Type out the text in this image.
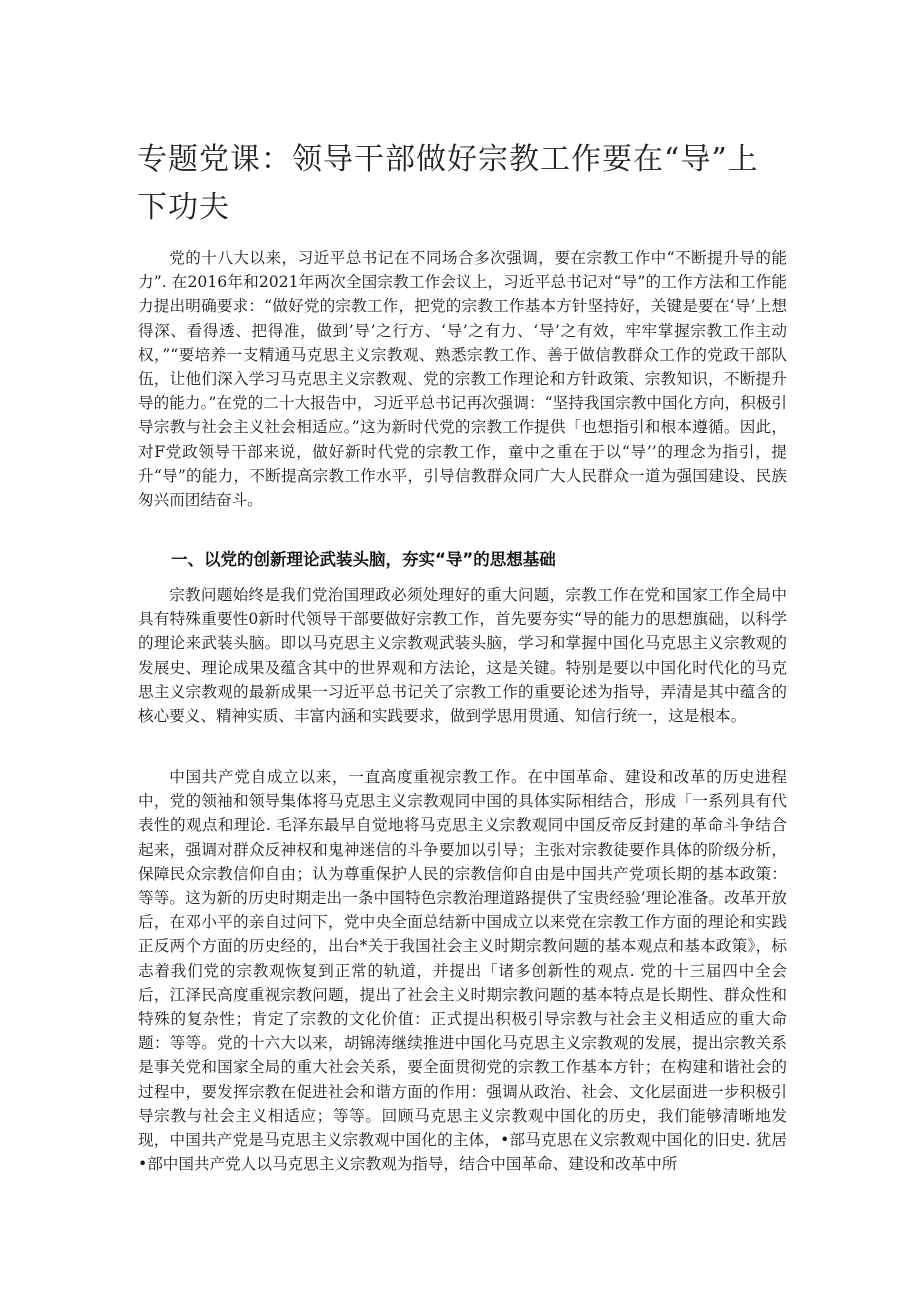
专题党课：领导干部做好宗教工作要在“导”上下功夫

党的十八大以来，习近平总书记在不同场合多次强调，要在宗教工作中“不断提升导的能力”. 在2016年和2021年两次全国宗教工作会议上，习近平总书记对“导”的工作方法和工作能力提出明确要求：“做好党的宗教工作，把党的宗教工作基本方针坚持好，关键是要在‘导’上想得深、看得透、把得准，做到’导’之行方、‘导’之有力、‘导’之有效，牢牢掌握宗教工作主动权，”“要培养一支精通马克思主义宗教观、熟悉宗教工作、善于做信教群众工作的党政干部队伍，让他们深入学习马克思主义宗教观、党的宗教工作理论和方针政策、宗教知识，不断提升导的能力。”在党的二十大报告中，习近平总书记再次强调：“坚持我国宗教中国化方向，积极引导宗教与社会主义社会相适应。”这为新时代党的宗教工作提供「也想指引和根本遵循。因此，对F党政领导干部来说，做好新时代党的宗教工作，童中之重在于以“导’’的理念为指引，提升“导”的能力，不断提高宗教工作水平，引导信教群众同广大人民群众一道为强国建设、民族匆兴而团结奋斗。

一、以党的创新理论武装头脑，夯实“导”的思想基础

宗教问题始终是我们党治国理政必须处理好的重大问题，宗教工作在党和国家工作全局中具有特殊重要性0新时代领导干部要做好宗教工作，首先要夯实“导的能力的思想旗础，以科学的理论来武装头脑。即以马克思主义宗教观武装头脑，学习和掌握中国化马克思主义宗教观的发展史、理论成果及蕴含其中的世界观和方法论，这是关键。特别是要以中国化时代化的马克思主义宗教观的最新成果一习近平总书记关了宗教工作的重要论述为指导，弄清是其中蕴含的核心要义、精神实质、丰富内涵和实践要求，做到学思用贯通、知信行统一，这是根本。

中国共产党自成立以来，一直高度重视宗教工作。在中国革命、建设和改革的历史进程中，党的领袖和领导集体将马克思主义宗教观同中国的具体实际相结合，形成「一系列具有代表性的观点和理论. 毛泽东最早自觉地将马克思主义宗教观同中国反帝反封建的革命斗争结合起来，强调对群众反神权和鬼神迷信的斗争要加以引导；主张对宗教徒要作具体的阶级分析，保障民众宗教信仰自由；认为尊重保护人民的宗教信仰自由是中国共产党项长期的基本政策：等等。这为新的历史时期走出一条中国特色宗教治理道路提供了宝贵经验’理论准备。改革开放后，在邓小平的亲自过问下，党中央全面总结新中国成立以来党在宗教工作方面的理论和实践正反两个方面的历史经的，出台*关于我国社会主义时期宗教问题的基本观点和基本政策》，标志着我们党的宗教观恢复到正常的轨道，并提出「诸多创新性的观点. 党的十三届四中全会后，江泽民高度重视宗教问题，提出了社会主义时期宗教问题的基本特点是长期性、群众性和特殊的复杂性；肯定了宗教的文化价值：正式提出积极引导宗教与社会主义相适应的重大命题：等等。党的十六大以来，胡锦涛继续推进中国化马克思主义宗教观的发展，提出宗教关系是事关党和国家全局的重大社会关系，要全面贯彻党的宗教工作基本方针；在构建和谐社会的过程中，要发挥宗教在促进社会和谐方面的作用：强调从政治、社会、文化层面进一步积极引导宗教与社会主义相适应；等等。回顾马克思主义宗教观中国化的历史，我们能够清晰地发现，中国共产党是马克思主义宗教观中国化的主体，•部马克思在义宗教观中国化的旧史. 犹居•部中国共产党人以马克思主义宗教观为指导，结合中国革命、建设和改革中所
